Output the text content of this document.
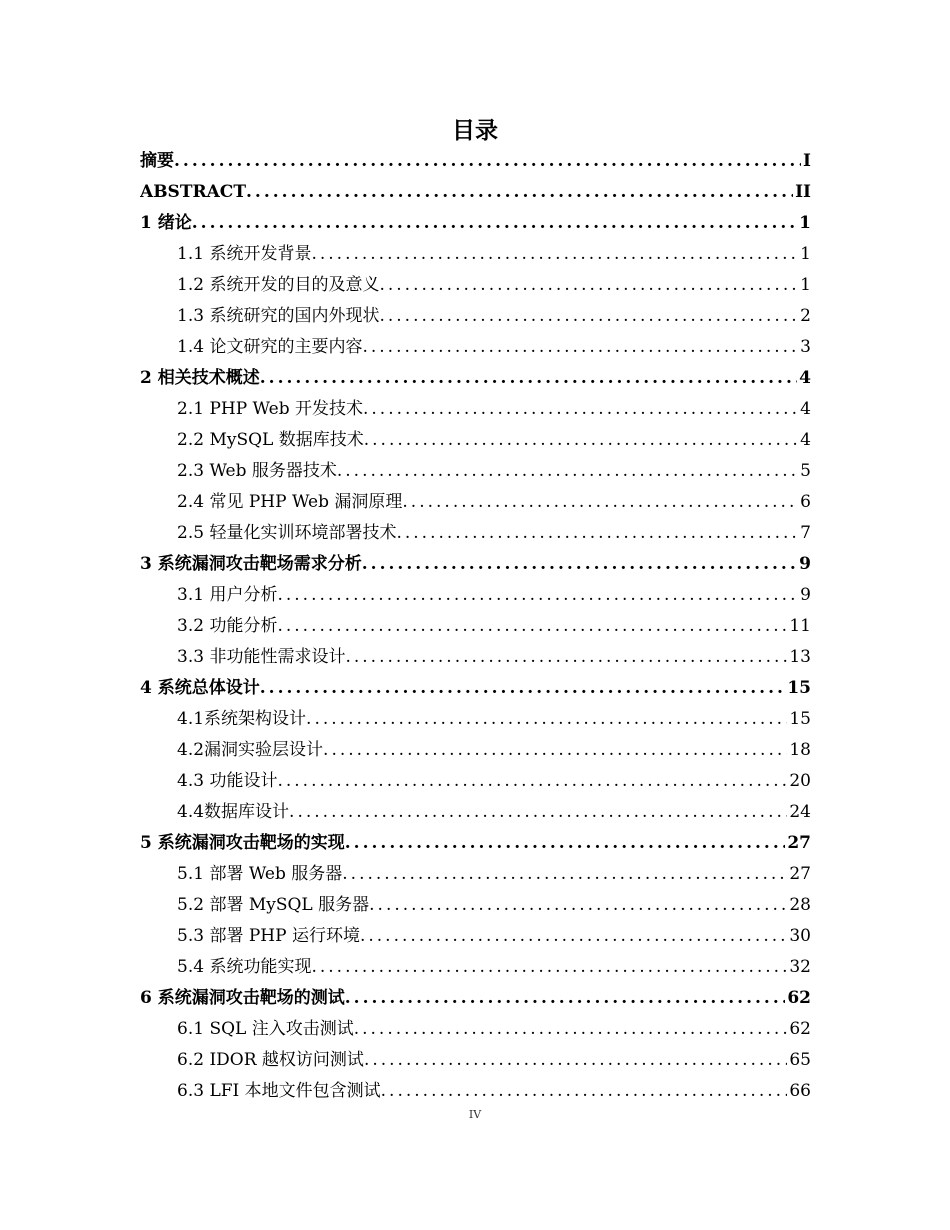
目录
摘要 .....	I
ABSTRACT .....	II
1 绪论 .....	1
1.1 系统开发背景 .....	1
1.2 系统开发的目的及意义 .....	1
1.3 系统研究的国内外现状 .....	2
1.4 论文研究的主要内容 .....	3
2 相关技术概述 .....	4
2.1 PHP Web 开发技术 .....	4
2.2 MySQL 数据库技术 .....	4
2.3 Web 服务器技术 .....	5
2.4 常见 PHP Web 漏洞原理 .....	6
2.5 轻量化实训环境部署技术 .....	7
3 系统漏洞攻击靶场需求分析 .....	9
3.1 用户分析 .....	9
3.2 功能分析 .....	11
3.3 非功能性需求设计 .....	13
4 系统总体设计 .....	15
4.1系统架构设计 .....	15
4.2漏洞实验层设计 .....	18
4.3 功能设计 .....	20
4.4数据库设计 .....	24
5 系统漏洞攻击靶场的实现 .....	27
5.1 部署 Web 服务器 .....	27
5.2 部署 MySQL 服务器 .....	28
5.3 部署 PHP 运行环境 .....	30
5.4 系统功能实现 .....	32
6 系统漏洞攻击靶场的测试 .....	62
6.1 SQL 注入攻击测试 .....	62
6.2 IDOR 越权访问测试 .....	65
6.3 LFI 本地文件包含测试 .....	66
IV
